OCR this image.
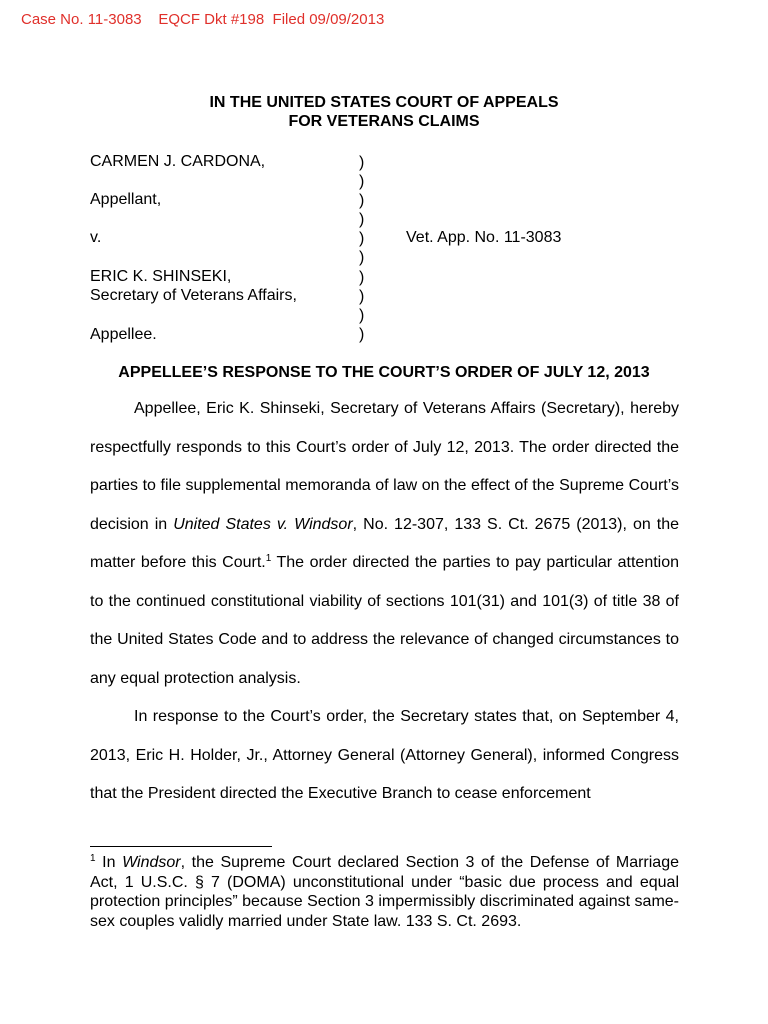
Case No. 11-3083 EQCF Dkt #198 Filed 09/09/2013
IN THE UNITED STATES COURT OF APPEALS
FOR VETERANS CLAIMS
CARMEN J. CARDONA,
Appellant,
v.
ERIC K. SHINSEKI,
Secretary of Veterans Affairs,
Appellee.
)
)
)
)
)
)
)
)
)
)
Vet. App. No. 11-3083
APPELLEE’S RESPONSE TO THE COURT’S ORDER OF JULY 12, 2013

Appellee, Eric K. Shinseki, Secretary of Veterans Affairs (Secretary), hereby respectfully responds to this Court’s order of July 12, 2013. The order directed the parties to file supplemental memoranda of law on the effect of the Supreme Court’s decision in United States v. Windsor, No. 12-307, 133 S. Ct. 2675 (2013), on the matter before this Court.$^1$ The order directed the parties to pay particular attention to the continued constitutional viability of sections 101(31) and 101(3) of title 38 of the United States Code and to address the relevance of changed circumstances to any equal protection analysis.

In response to the Court’s order, the Secretary states that, on September 4, 2013, Eric H. Holder, Jr., Attorney General (Attorney General), informed Congress that the President directed the Executive Branch to cease enforcement

$^1$ In Windsor, the Supreme Court declared Section 3 of the Defense of Marriage Act, 1 U.S.C. § 7 (DOMA) unconstitutional under “basic due process and equal protection principles” because Section 3 impermissibly discriminated against same-sex couples validly married under State law. 133 S. Ct. 2693.
